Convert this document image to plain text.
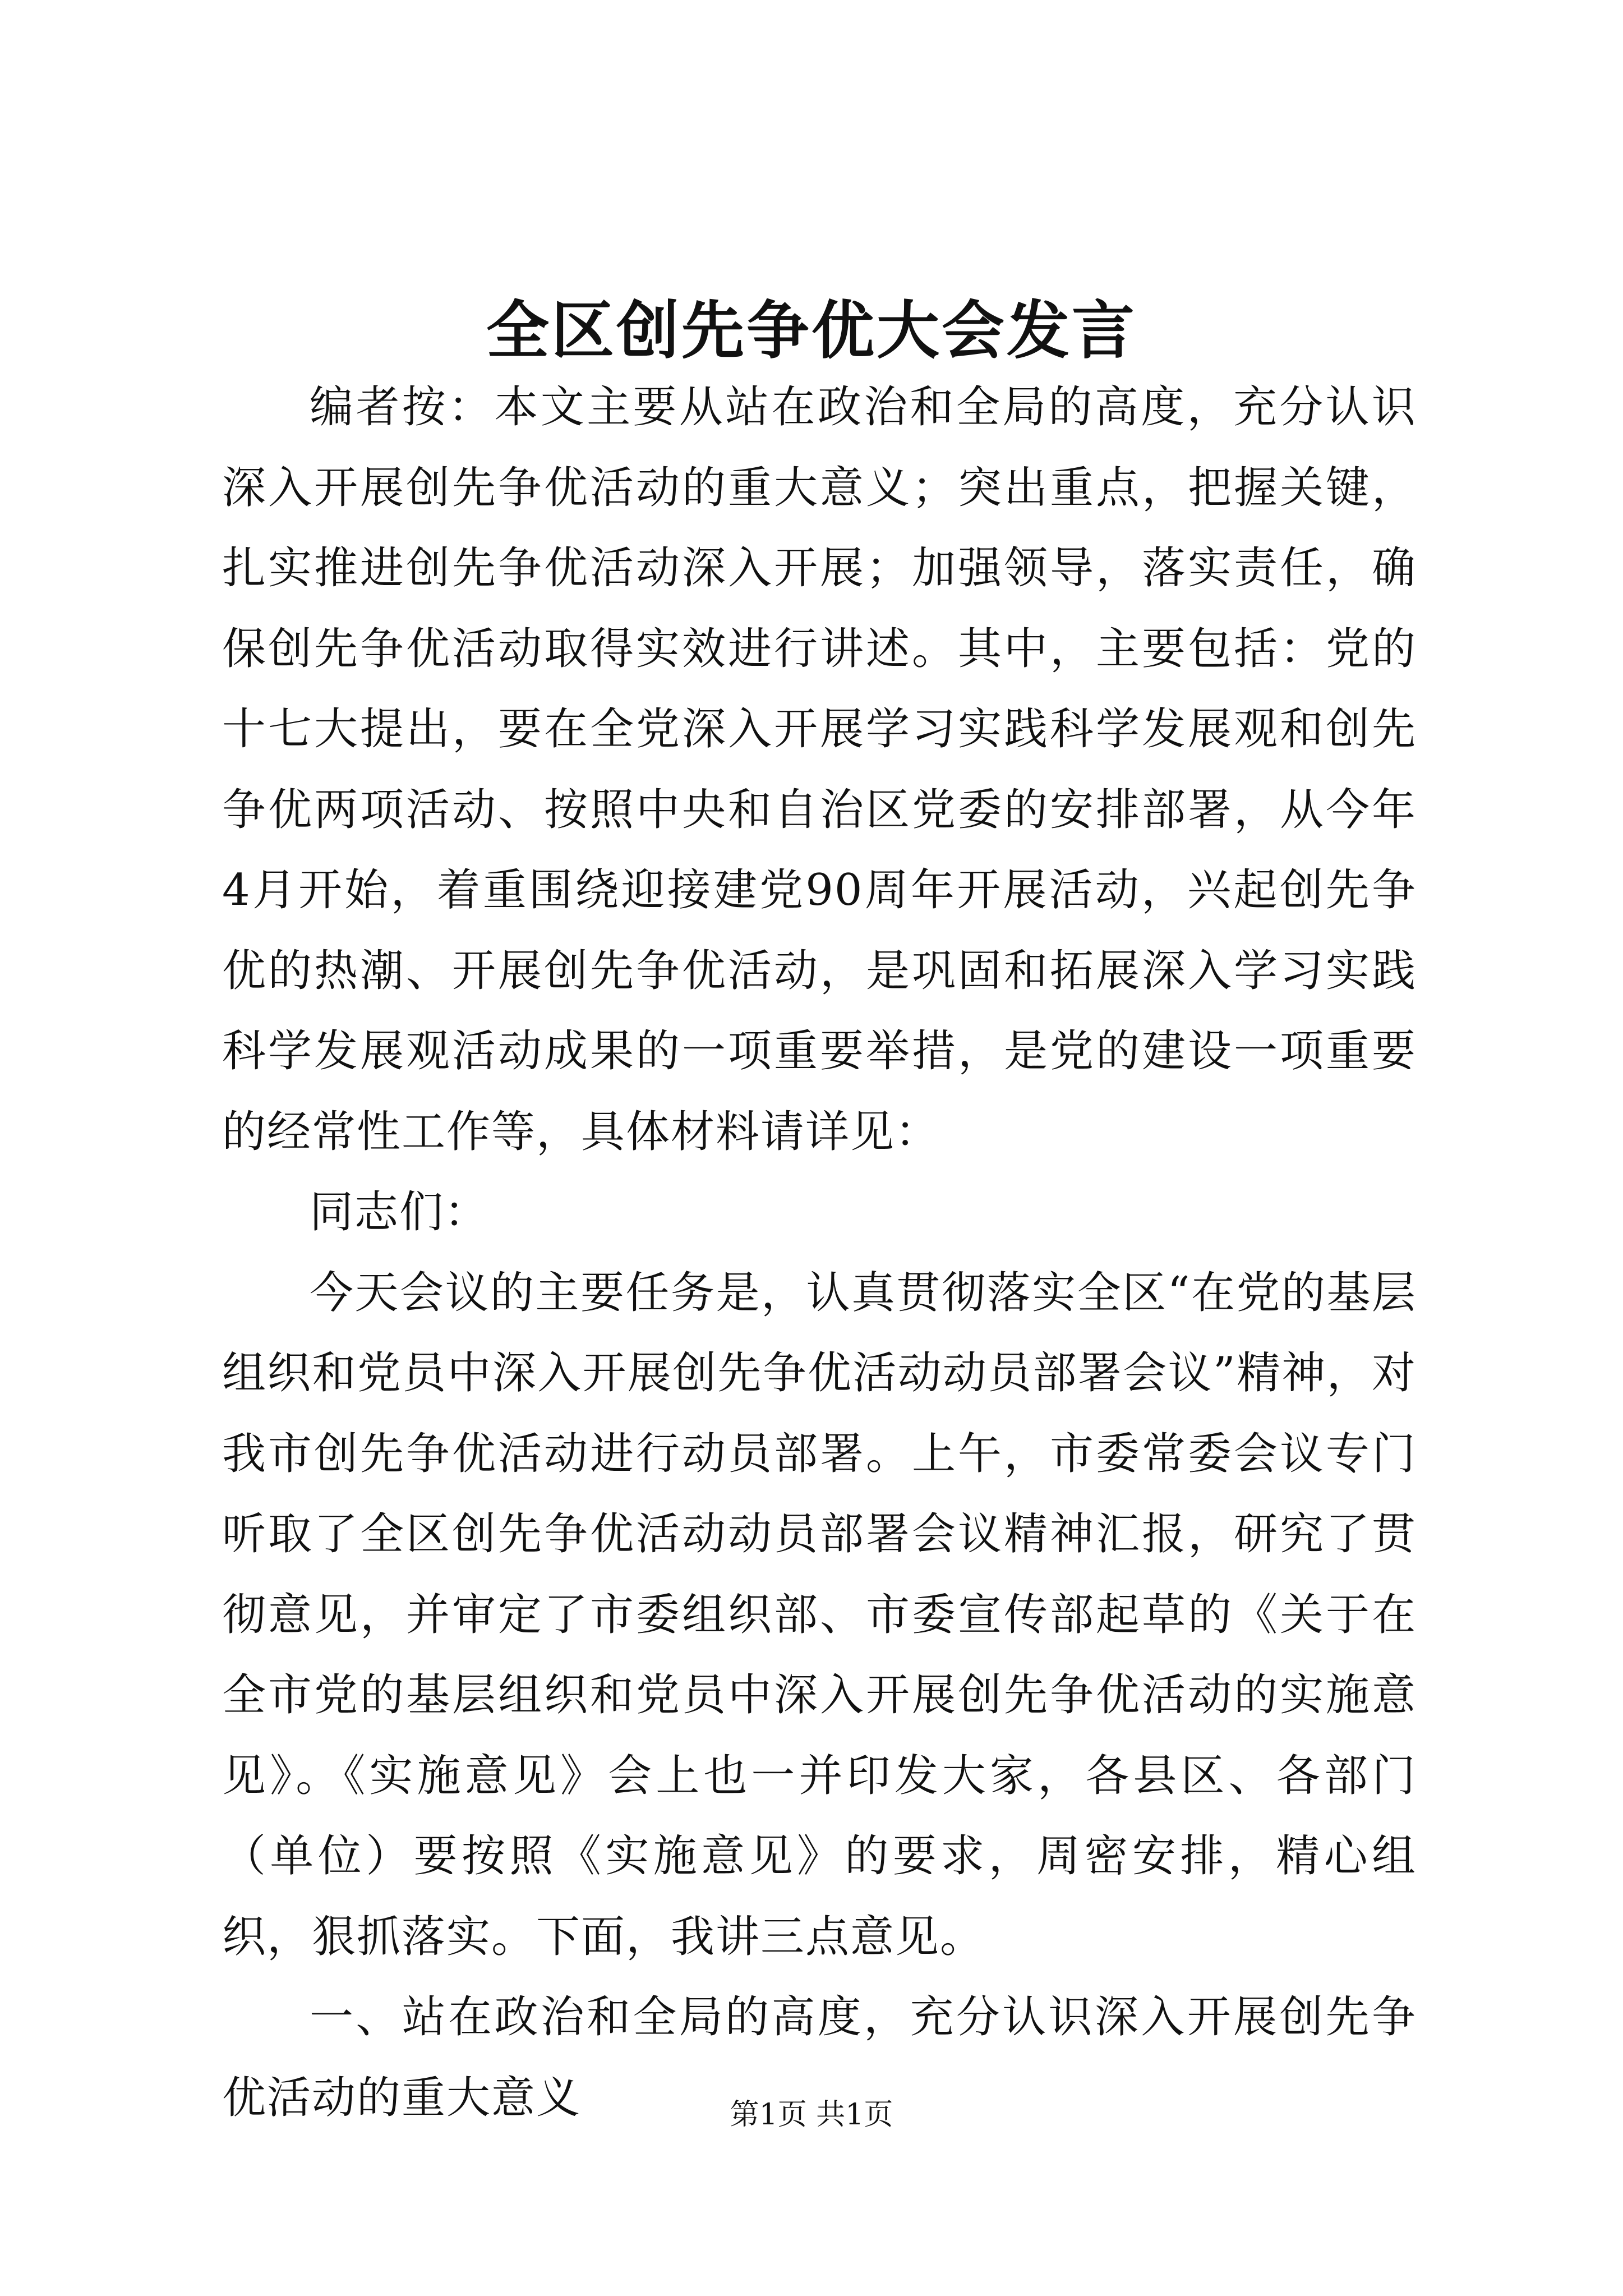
全区创先争优大会发言

编者按：本文主要从站在政治和全局的高度，充分认识深入开展创先争优活动的重大意义；突出重点，把握关键，扎实推进创先争优活动深入开展；加强领导，落实责任，确保创先争优活动取得实效进行讲述。其中，主要包括：党的十七大提出，要在全党深入开展学习实践科学发展观和创先争优两项活动、按照中央和自治区党委的安排部署，从今年4月开始，着重围绕迎接建党90周年开展活动，兴起创先争优的热潮、开展创先争优活动，是巩固和拓展深入学习实践科学发展观活动成果的一项重要举措，是党的建设一项重要的经常性工作等，具体材料请详见：

同志们：

今天会议的主要任务是，认真贯彻落实全区“在党的基层组织和党员中深入开展创先争优活动动员部署会议”精神，对我市创先争优活动进行动员部署。上午，市委常委会议专门听取了全区创先争优活动动员部署会议精神汇报，研究了贯彻意见，并审定了市委组织部、市委宣传部起草的《关于在全市党的基层组织和党员中深入开展创先争优活动的实施意见》。《实施意见》会上也一并印发大家，各县区、各部门（单位）要按照《实施意见》的要求，周密安排，精心组织，狠抓落实。下面，我讲三点意见。

一、站在政治和全局的高度，充分认识深入开展创先争优活动的重大意义	第1页 共1页
